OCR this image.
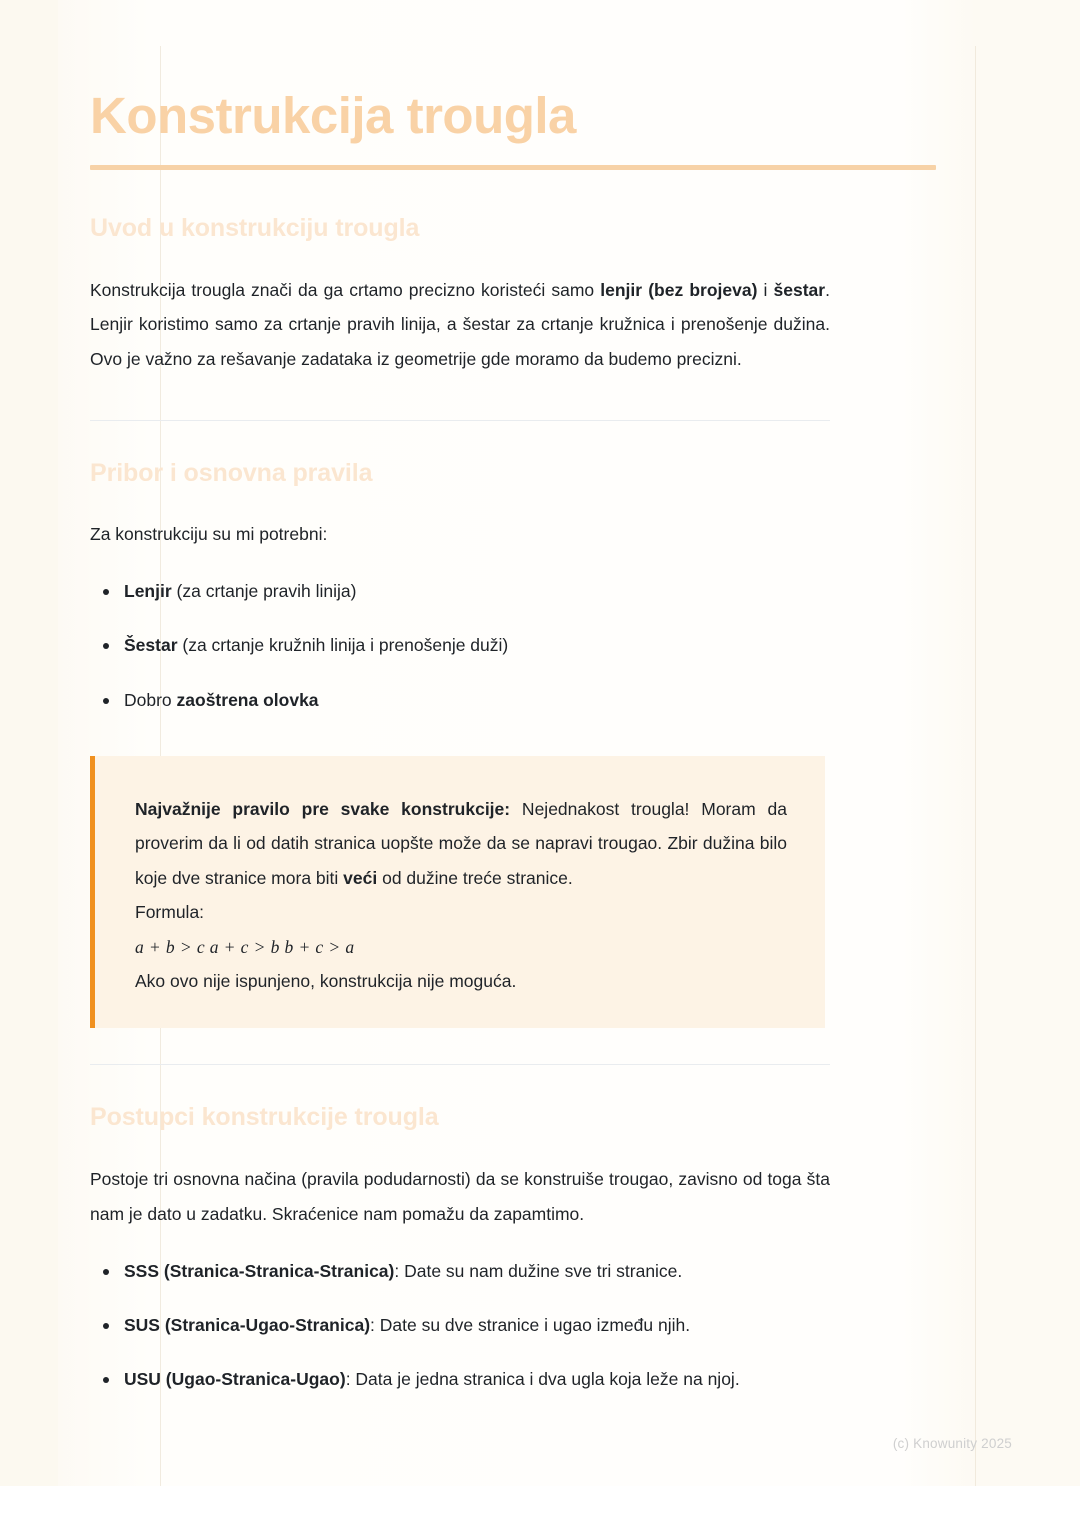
Konstrukcija trougla
Uvod u konstrukciju trougla

Konstrukcija trougla znači da ga crtamo precizno koristeći samo lenjir (bez brojeva) i šestar. Lenjir koristimo samo za crtanje pravih linija, a šestar za crtanje kružnica i prenošenje dužina. Ovo je važno za rešavanje zadataka iz geometrije gde moramo da budemo precizni.

Pribor i osnovna pravila

Za konstrukciju su mi potrebni:

Lenjir (za crtanje pravih linija)
Šestar (za crtanje kružnih linija i prenošenje duži)
Dobro zaoštrena olovka

Najvažnije pravilo pre svake konstrukcije: Nejednakost trougla! Moram da proverim da li od datih stranica uopšte može da se napravi trougao. Zbir dužina bilo koje dve stranice mora biti veći od dužine treće stranice.

Formula:

a + b > c a + c > b b + c > a

Ako ovo nije ispunjeno, konstrukcija nije moguća.

Postupci konstrukcije trougla

Postoje tri osnovna načina (pravila podudarnosti) da se konstruiše trougao, zavisno od toga šta nam je dato u zadatku. Skraćenice nam pomažu da zapamtimo.

SSS (Stranica-Stranica-Stranica): Date su nam dužine sve tri stranice.
SUS (Stranica-Ugao-Stranica): Date su dve stranice i ugao između njih.
USU (Ugao-Stranica-Ugao): Data je jedna stranica i dva ugla koja leže na njoj.
(c) Knowunity 2025
